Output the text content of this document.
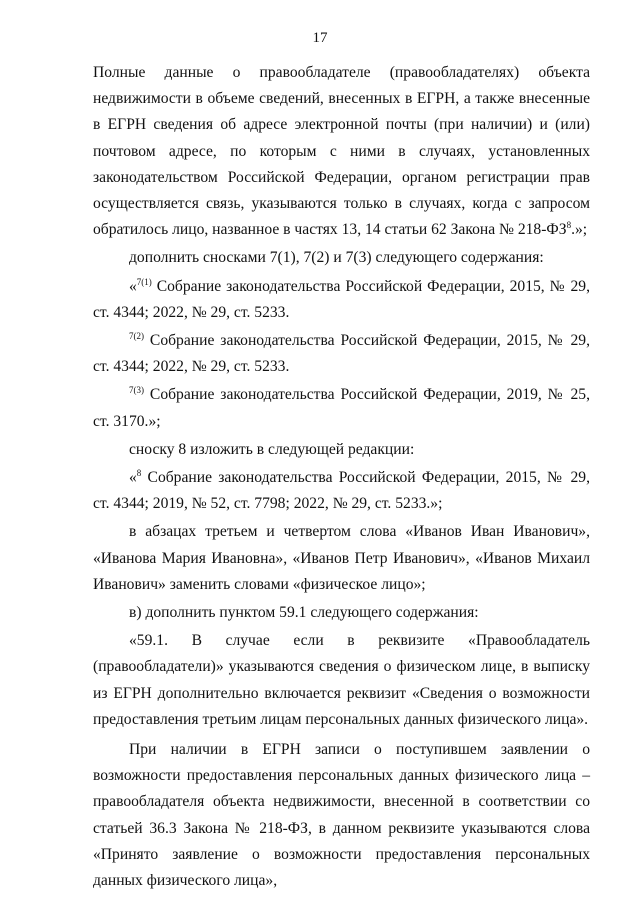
17

Полные данные о правообладателе (правообладателях) объекта недвижимости в объеме сведений, внесенных в ЕГРН, а также внесенные в ЕГРН сведения об адресе электронной почты (при наличии) и (или) почтовом адресе, по которым с ними в случаях, установленных законодательством Российской Федерации, органом регистрации прав осуществляется связь, указываются только в случаях, когда с запросом обратилось лицо, названное в частях 13, 14 статьи 62 Закона № $218-ФЗ^8$.»;

дополнить сносками 7(1), 7(2) и 7(3) следующего содержания:

«$^{7(1)}$ Собрание законодательства Российской Федерации, 2015, № 29, ст. 4344; 2022, № 29, ст. 5233.

$^{7(2)}$ Собрание законодательства Российской Федерации, 2015, № 29, ст. 4344; 2022, № 29, ст. 5233.

$^{7(3)}$ Собрание законодательства Российской Федерации, 2019, № 25, ст. 3170.»;

сноску 8 изложить в следующей редакции:

«$^8$ Собрание законодательства Российской Федерации, 2015, № 29, ст. 4344; 2019, № 52, ст. 7798; 2022, № 29, ст. 5233.»;

в абзацах третьем и четвертом слова «Иванов Иван Иванович», «Иванова Мария Ивановна», «Иванов Петр Иванович», «Иванов Михаил Иванович» заменить словами «физическое лицо»;

в) дополнить пунктом 59.1 следующего содержания:

«59.1. В случае если в реквизите «Правообладатель (правообладатели)» указываются сведения о физическом лице, в выписку из ЕГРН дополнительно включается реквизит «Сведения о возможности предоставления третьим лицам персональных данных физического лица».

При наличии в ЕГРН записи о поступившем заявлении о возможности предоставления персональных данных физического лица – правообладателя объекта недвижимости, внесенной в соответствии со статьей 36.3 Закона № 218-ФЗ, в данном реквизите указываются слова «Принято заявление о возможности предоставления персональных данных физического лица»,
